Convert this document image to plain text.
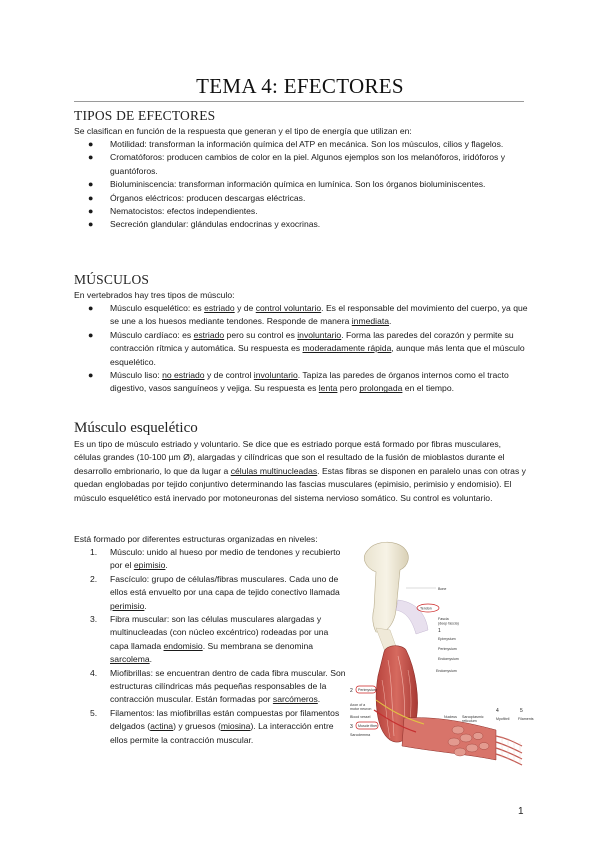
TEMA 4: EFECTORES
TIPOS DE EFECTORES
Se clasifican en función de la respuesta que generan y el tipo de energía que utilizan en:
● Motilidad: transforman la información química del ATP en mecánica. Son los músculos, cilios y flagelos.
● Cromatóforos: producen cambios de color en la piel. Algunos ejemplos son los melanóforos, iridóforos y guantóforos.
● Bioluminiscencia: transforman información química en lumínica. Son los órganos bioluminiscentes.
● Órganos eléctricos: producen descargas eléctricas.
● Nematocistos: efectos independientes.
● Secreción glandular: glándulas endocrinas y exocrinas.
MÚSCULOS
En vertebrados hay tres tipos de músculo:
● Músculo esquelético: es estriado y de control voluntario. Es el responsable del movimiento del cuerpo, ya que se une a los huesos mediante tendones. Responde de manera inmediata.
● Músculo cardíaco: es estriado pero su control es involuntario. Forma las paredes del corazón y permite su contracción rítmica y automática. Su respuesta es moderadamente rápida, aunque más lenta que el músculo esquelético.
● Músculo liso: no estriado y de control involuntario. Tapiza las paredes de órganos internos como el tracto digestivo, vasos sanguíneos y vejiga. Su respuesta es lenta pero prolongada en el tiempo.
Músculo esquelético
Es un tipo de músculo estriado y voluntario. Se dice que es estriado porque está formado por fibras musculares, células grandes (10-100 µm Ø), alargadas y cilíndricas que son el resultado de la fusión de mioblastos durante el desarrollo embrionario, lo que da lugar a células multinucleadas. Estas fibras se disponen en paralelo unas con otras y quedan englobadas por tejido conjuntivo determinando las fascias musculares (epimisio, perimisio y endomisio). El músculo esquelético está inervado por motoneuronas del sistema nervioso somático. Su control es voluntario.
Está formado por diferentes estructuras organizadas en niveles:
1. Músculo: unido al hueso por medio de tendones y recubierto por el epimisio.
2. Fascículo: grupo de células/fibras musculares. Cada uno de ellos está envuelto por una capa de tejido conectivo llamada perimisio.
3. Fibra muscular: son las células musculares alargadas y multinucleadas (con núcleo excéntrico) rodeadas por una capa llamada endomisio. Su membrana se denomina sarcolema.
4. Miofibrillas: se encuentran dentro de cada fibra muscular. Son estructuras cilíndricas más pequeñas responsables de la contracción muscular. Están formadas por sarcómeros.
5. Filamentos: las miofibrillas están compuestas por filamentos delgados (actina) y gruesos (miosina). La interacción entre ellos permite la contracción muscular.
Bone
Tendon
Fascia
(deep fascia)
Epimysium
Perimysium
Endomysium
Endomysium
Axon of a
motor neuron
Blood vessel
Sarcolemma
Nucleus Sarcoplasmic
reticulum	Myofibril Filaments
2 Perimysium
3 Muscle fiber
4	5
1
1
